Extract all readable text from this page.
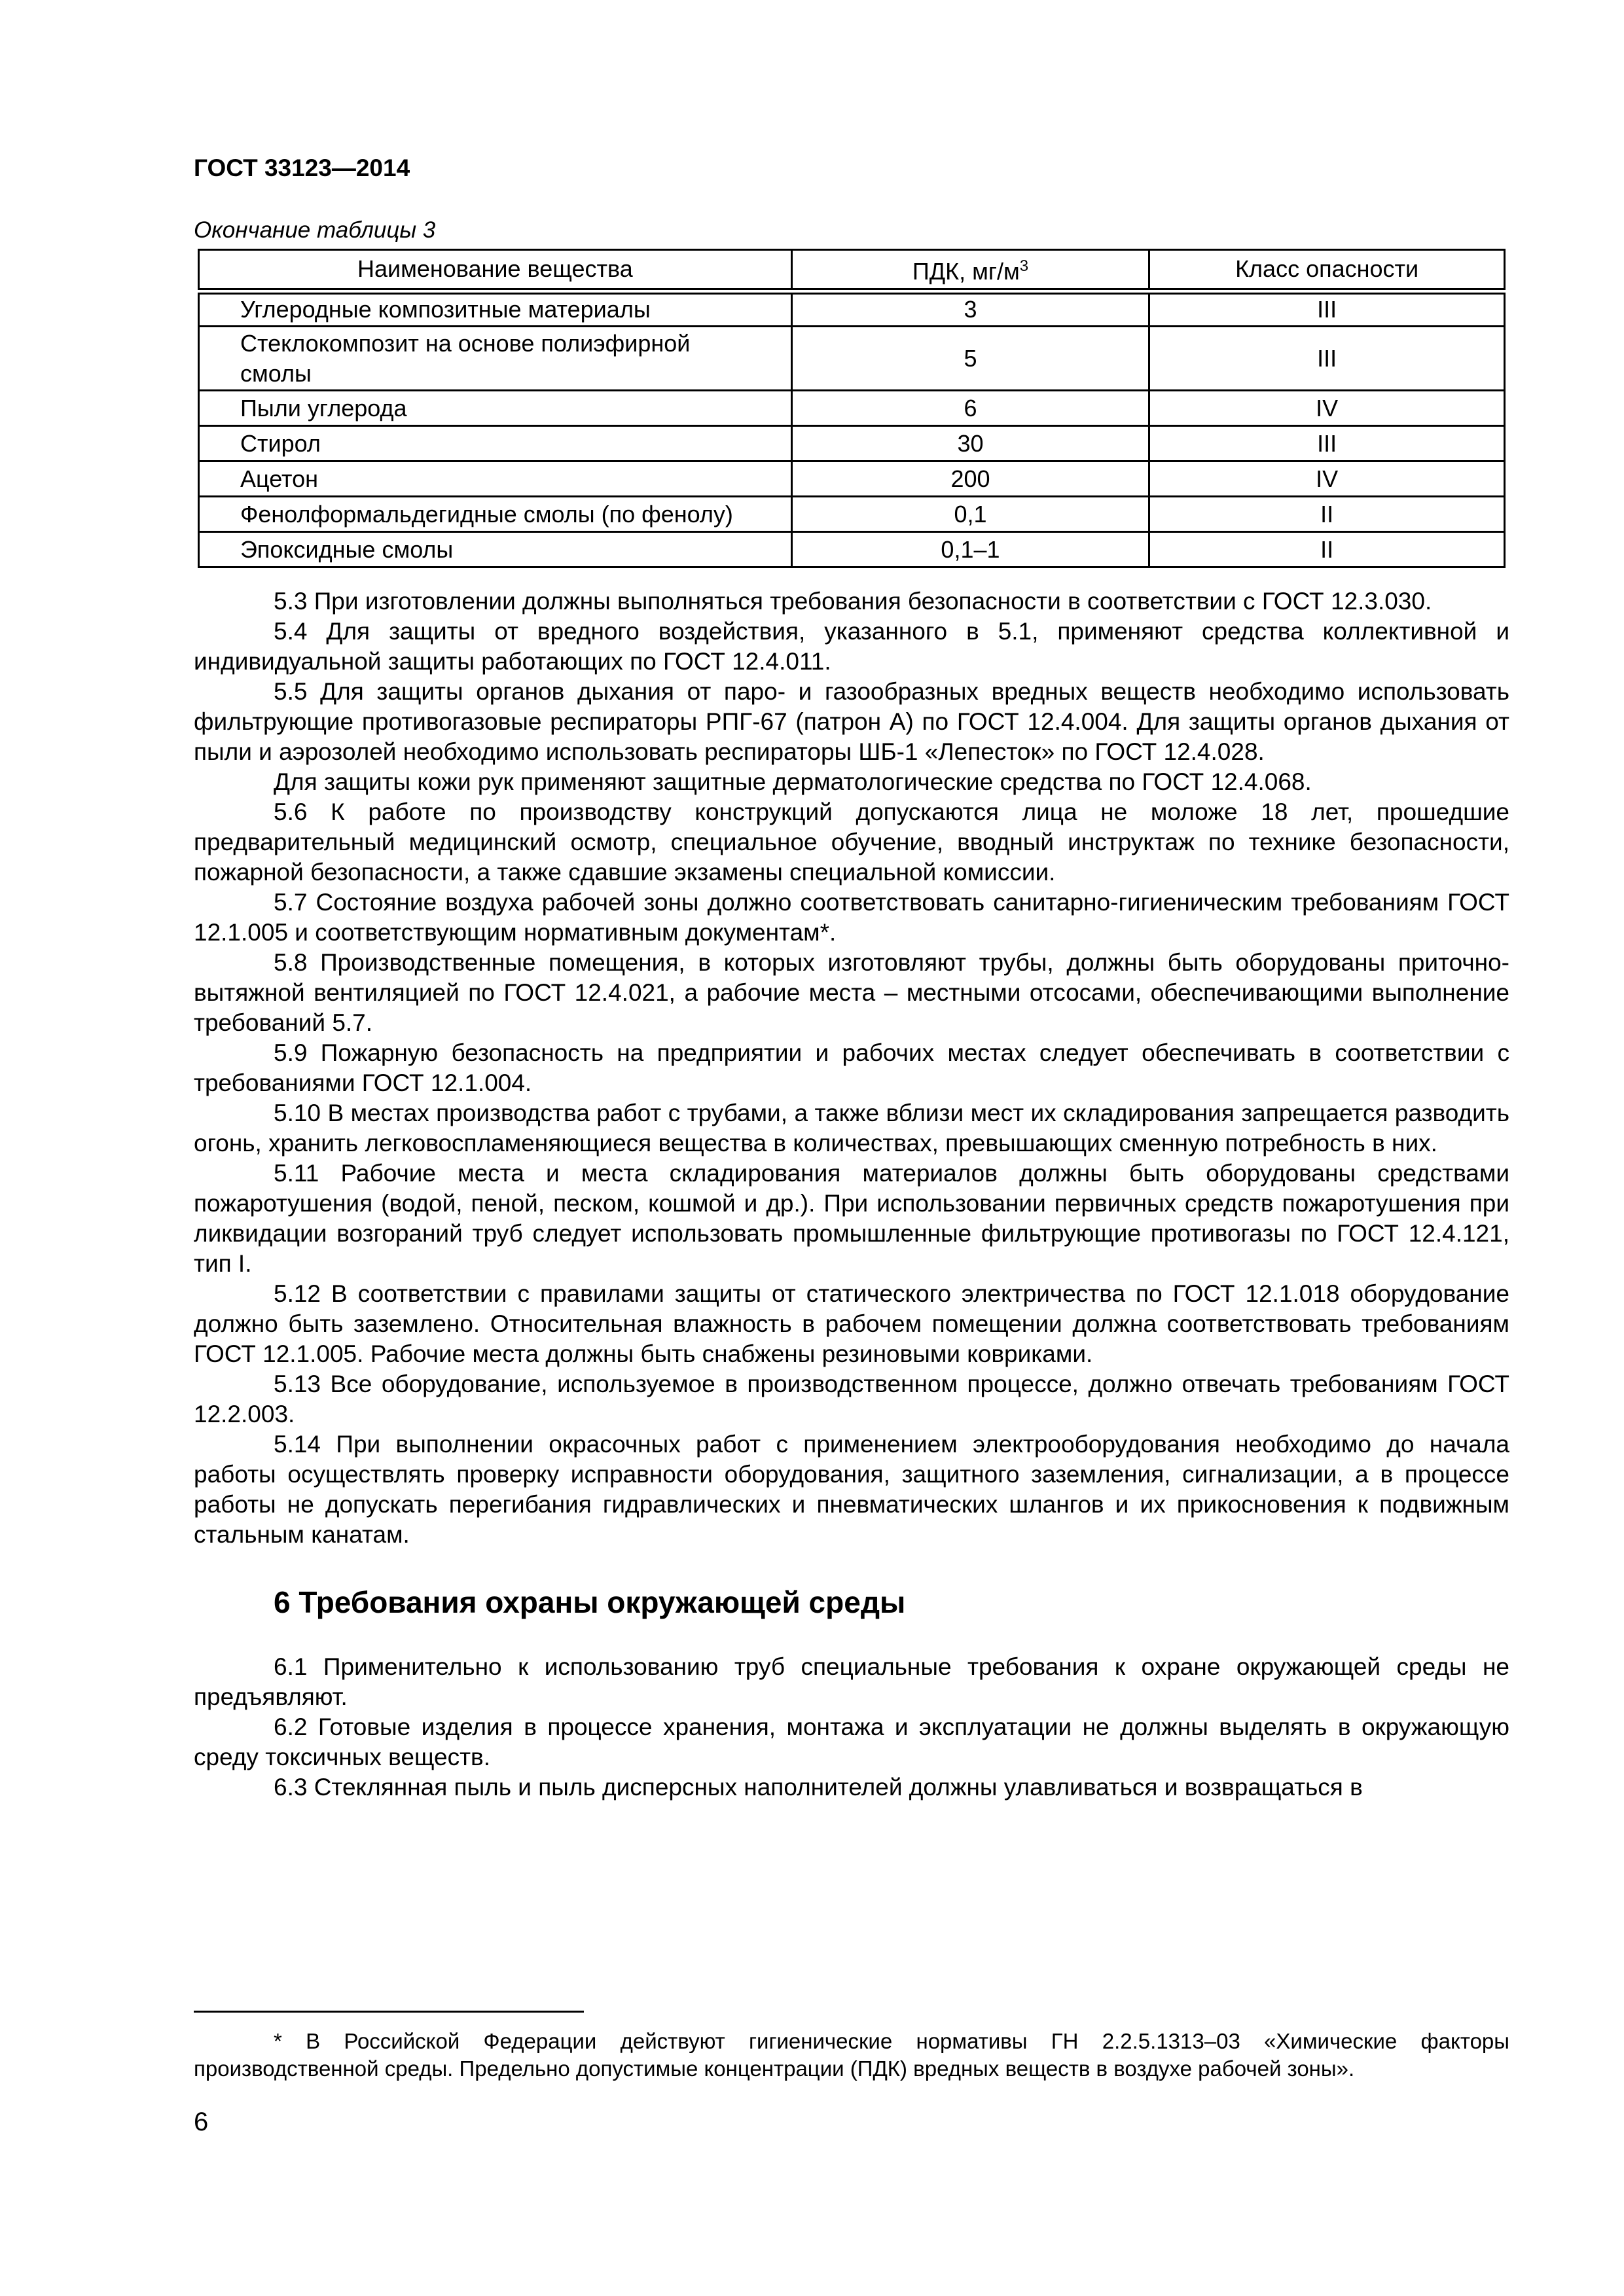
ГОСТ 33123—2014
Окончание таблицы 3
Наименование вещества	ПДК, $мг/м^3$	Класс опасности
Углеродные композитные материалы	3	III

Стеклокомпозит на основе полиэфирной смолы	5	III
Пыли углерода	6	IV
Стирол	30	III
Ацетон	200	IV
Фенолформальдегидные смолы (по фенолу)	0,1	II
Эпоксидные смолы	0,1–1	II

5.3 При изготовлении должны выполняться требования безопасности в соответствии с ГОСТ 12.3.030.

5.4 Для защиты от вредного воздействия, указанного в 5.1, применяют средства коллективной и индивидуальной защиты работающих по ГОСТ 12.4.011.

5.5 Для защиты органов дыхания от паро- и газообразных вредных веществ необходимо использовать фильтрующие противогазовые респираторы РПГ-67 (патрон А) по ГОСТ 12.4.004. Для защиты органов дыхания от пыли и аэрозолей необходимо использовать респираторы ШБ-1 «Лепесток» по ГОСТ 12.4.028.

Для защиты кожи рук применяют защитные дерматологические средства по ГОСТ 12.4.068.

5.6 К работе по производству конструкций допускаются лица не моложе 18 лет, прошедшие предварительный медицинский осмотр, специальное обучение, вводный инструктаж по технике безопасности, пожарной безопасности, а также сдавшие экзамены специальной комиссии.

5.7 Состояние воздуха рабочей зоны должно соответствовать санитарно-гигиеническим требованиям ГОСТ 12.1.005 и соответствующим нормативным документам*.

5.8 Производственные помещения, в которых изготовляют трубы, должны быть оборудованы приточно-вытяжной вентиляцией по ГОСТ 12.4.021, а рабочие места – местными отсосами, обеспечивающими выполнение требований 5.7.

5.9 Пожарную безопасность на предприятии и рабочих местах следует обеспечивать в соответствии с требованиями ГОСТ 12.1.004.

5.10 В местах производства работ с трубами, а также вблизи мест их складирования запрещается разводить огонь, хранить легковоспламеняющиеся вещества в количествах, превышающих сменную потребность в них.

5.11 Рабочие места и места складирования материалов должны быть оборудованы средствами пожаротушения (водой, пеной, песком, кошмой и др.). При использовании первичных средств пожаротушения при ликвидации возгораний труб следует использовать промышленные фильтрующие противогазы по ГОСТ 12.4.121, тип I.

5.12 В соответствии с правилами защиты от статического электричества по ГОСТ 12.1.018 оборудование должно быть заземлено. Относительная влажность в рабочем помещении должна соответствовать требованиям ГОСТ 12.1.005. Рабочие места должны быть снабжены резиновыми ковриками.

5.13 Все оборудование, используемое в производственном процессе, должно отвечать требованиям ГОСТ 12.2.003.

5.14 При выполнении окрасочных работ с применением электрооборудования необходимо до начала работы осуществлять проверку исправности оборудования, защитного заземления, сигнализации, а в процессе работы не допускать перегибания гидравлических и пневматических шлангов и их прикосновения к подвижным стальным канатам.

6 Требования охраны окружающей среды

6.1 Применительно к использованию труб специальные требования к охране окружающей среды не предъявляют.

6.2 Готовые изделия в процессе хранения, монтажа и эксплуатации не должны выделять в окружающую среду токсичных веществ.

6.3 Стеклянная пыль и пыль дисперсных наполнителей должны улавливаться и возвращаться в

* В Российской Федерации действуют гигиенические нормативы ГН 2.2.5.1313–03 «Химические факторы производственной среды. Предельно допустимые концентрации (ПДК) вредных веществ в воздухе рабочей зоны».

6
